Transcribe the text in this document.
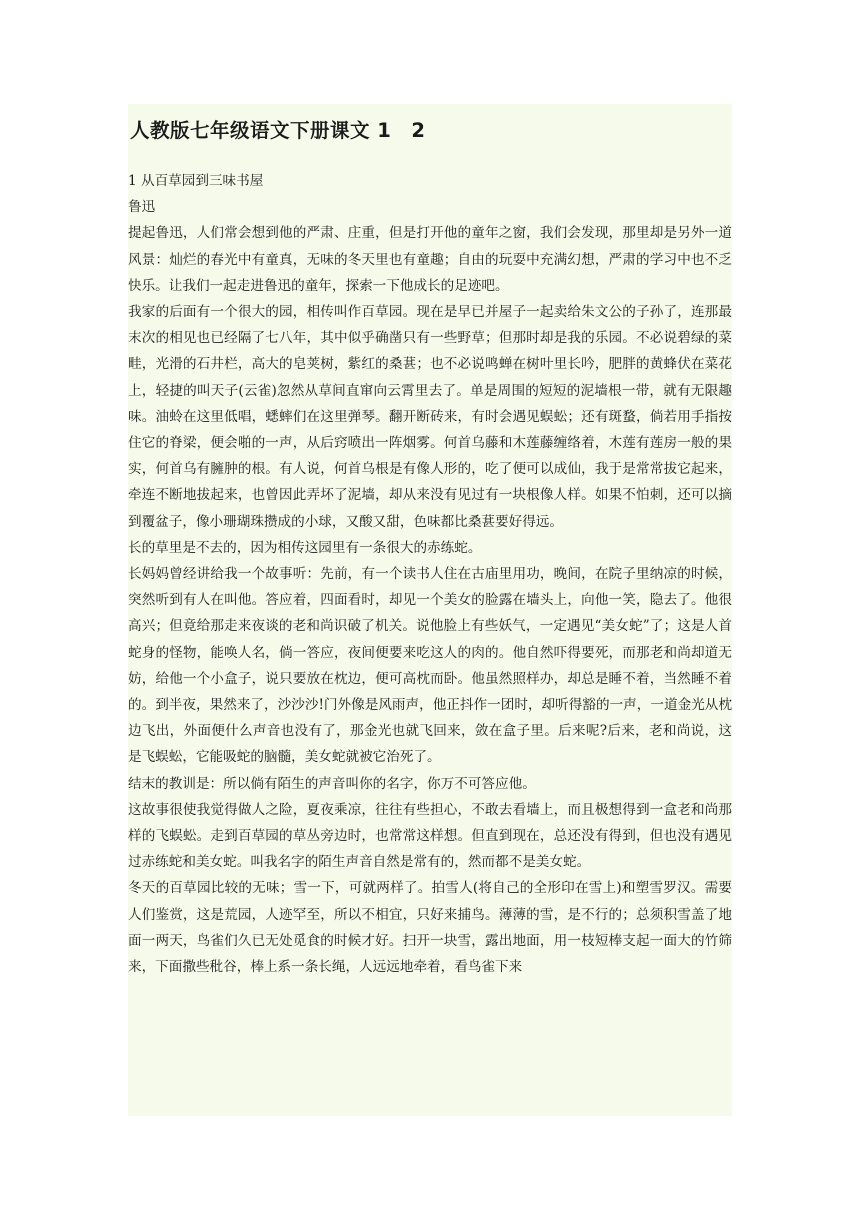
人教版七年级语文下册课文 1　2

1 从百草园到三味书屋

鲁迅

提起鲁迅，人们常会想到他的严肃、庄重，但是打开他的童年之窗，我们会发现，那里却是另外一道风景：灿烂的春光中有童真，无味的冬天里也有童趣；自由的玩耍中充满幻想，严肃的学习中也不乏快乐。让我们一起走进鲁迅的童年，探索一下他成长的足迹吧。

我家的后面有一个很大的园，相传叫作百草园。现在是早已并屋子一起卖给朱文公的子孙了，连那最末次的相见也已经隔了七八年，其中似乎确凿只有一些野草；但那时却是我的乐园。不必说碧绿的菜畦，光滑的石井栏，高大的皂荚树，紫红的桑葚；也不必说鸣蝉在树叶里长吟，肥胖的黄蜂伏在菜花上，轻捷的叫天子(云雀)忽然从草间直窜向云霄里去了。单是周围的短短的泥墙根一带，就有无限趣味。油蛉在这里低唱，蟋蟀们在这里弹琴。翻开断砖来，有时会遇见蜈蚣；还有斑蝥，倘若用手指按住它的脊梁，便会啪的一声，从后窍喷出一阵烟雾。何首乌藤和木莲藤缠络着，木莲有莲房一般的果实，何首乌有臃肿的根。有人说，何首乌根是有像人形的，吃了便可以成仙，我于是常常拔它起来，牵连不断地拔起来，也曾因此弄坏了泥墙，却从来没有见过有一块根像人样。如果不怕刺，还可以摘到覆盆子，像小珊瑚珠攒成的小球，又酸又甜，色味都比桑葚要好得远。

长的草里是不去的，因为相传这园里有一条很大的赤练蛇。

长妈妈曾经讲给我一个故事听：先前，有一个读书人住在古庙里用功，晚间，在院子里纳凉的时候，突然听到有人在叫他。答应着，四面看时，却见一个美女的脸露在墙头上，向他一笑，隐去了。他很高兴；但竟给那走来夜谈的老和尚识破了机关。说他脸上有些妖气，一定遇见“美女蛇”了；这是人首蛇身的怪物，能唤人名，倘一答应，夜间便要来吃这人的肉的。他自然吓得要死，而那老和尚却道无妨，给他一个小盒子，说只要放在枕边，便可高枕而卧。他虽然照样办，却总是睡不着，当然睡不着的。到半夜，果然来了，沙沙沙!门外像是风雨声，他正抖作一团时，却听得豁的一声，一道金光从枕边飞出，外面便什么声音也没有了，那金光也就飞回来，敛在盒子里。后来呢?后来，老和尚说，这是飞蜈蚣，它能吸蛇的脑髓，美女蛇就被它治死了。

结末的教训是：所以倘有陌生的声音叫你的名字，你万不可答应他。

这故事很使我觉得做人之险，夏夜乘凉，往往有些担心，不敢去看墙上，而且极想得到一盒老和尚那样的飞蜈蚣。走到百草园的草丛旁边时，也常常这样想。但直到现在，总还没有得到，但也没有遇见过赤练蛇和美女蛇。叫我名字的陌生声音自然是常有的，然而都不是美女蛇。

冬天的百草园比较的无味；雪一下，可就两样了。拍雪人(将自己的全形印在雪上)和塑雪罗汉。需要人们鉴赏，这是荒园，人迹罕至，所以不相宜，只好来捕鸟。薄薄的雪，是不行的；总须积雪盖了地面一两天，鸟雀们久已无处觅食的时候才好。扫开一块雪，露出地面，用一枝短棒支起一面大的竹筛来，下面撒些秕谷，棒上系一条长绳，人远远地牵着，看鸟雀下来
